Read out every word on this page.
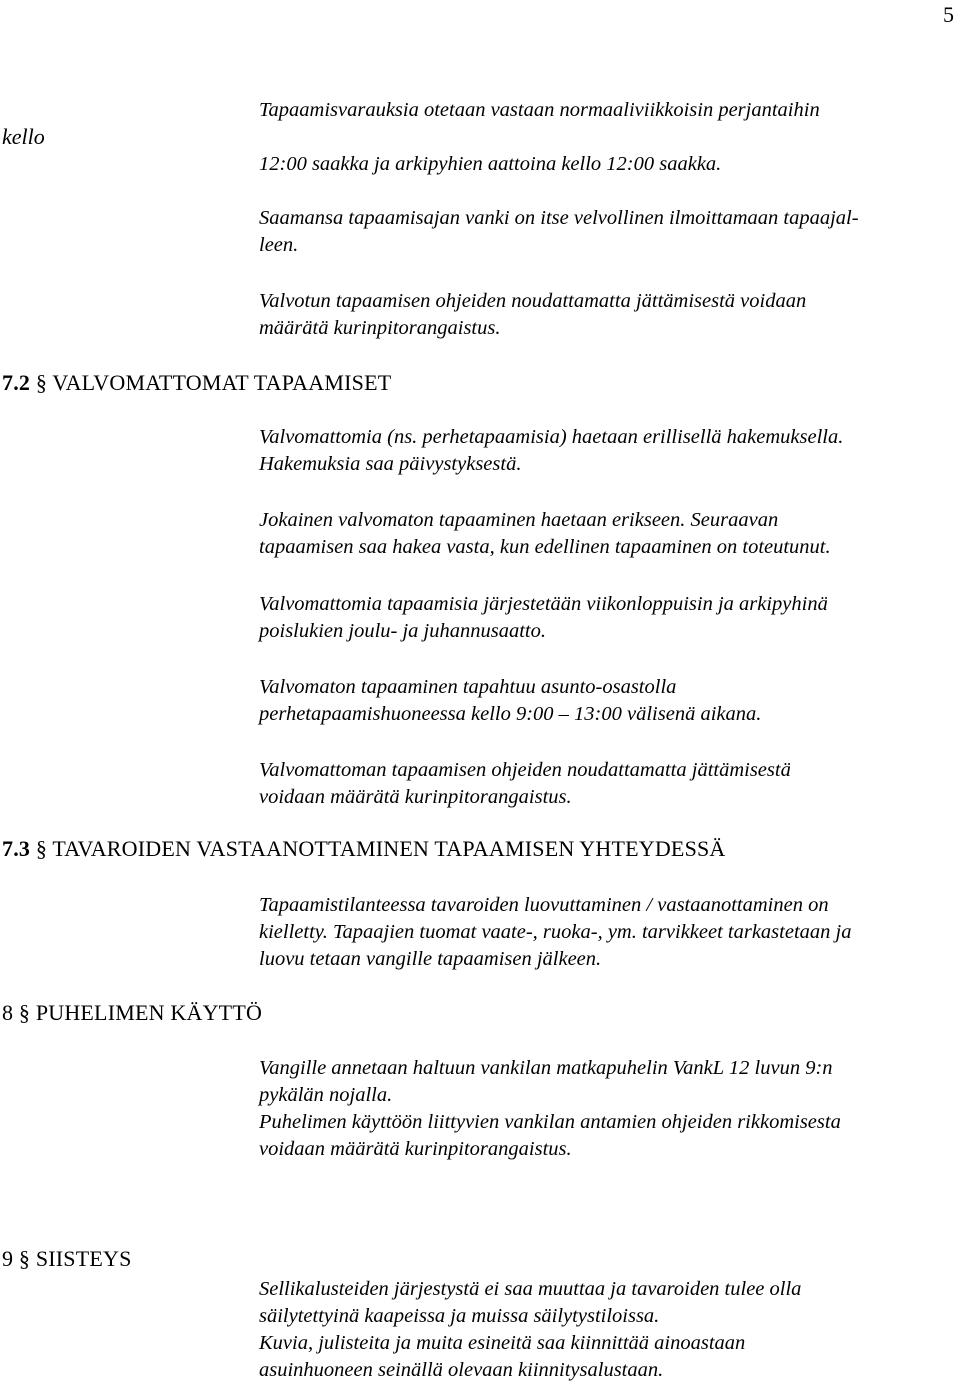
5
kello
7.2 § VALVOMATTOMAT TAPAAMISET
7.3 § TAVAROIDEN VASTAANOTTAMINEN TAPAAMISEN YHTEYDESSÄ
8 § PUHELIMEN KÄYTTÖ
9 § SIISTEYS
Tapaamisvarauksia otetaan vastaan normaaliviikkoisin perjantaihin
12:00 saakka ja arkipyhien aattoina kello 12:00 saakka.
Saamansa tapaamisajan vanki on itse velvollinen ilmoittamaan tapaajal-
leen.
Valvotun tapaamisen ohjeiden noudattamatta jättämisestä voidaan
määrätä kurinpitorangaistus.
Valvomattomia (ns. perhetapaamisia) haetaan erillisellä hakemuksella.
Hakemuksia saa päivystyksestä.
Jokainen valvomaton tapaaminen haetaan erikseen. Seuraavan
tapaamisen saa hakea vasta, kun edellinen tapaaminen on toteutunut.
Valvomattomia tapaamisia järjestetään viikonloppuisin ja arkipyhinä
poislukien joulu- ja juhannusaatto.
Valvomaton tapaaminen tapahtuu asunto-osastolla
perhetapaamishuoneessa kello 9:00 – 13:00 välisenä aikana.
Valvomattoman tapaamisen ohjeiden noudattamatta jättämisestä
voidaan määrätä kurinpitorangaistus.
Tapaamistilanteessa tavaroiden luovuttaminen / vastaanottaminen on
kielletty. Tapaajien tuomat vaate-, ruoka-, ym. tarvikkeet tarkastetaan ja
luovu tetaan vangille tapaamisen jälkeen.
Vangille annetaan haltuun vankilan matkapuhelin VankL 12 luvun 9:n
pykälän nojalla.
Puhelimen käyttöön liittyvien vankilan antamien ohjeiden rikkomisesta
voidaan määrätä kurinpitorangaistus.
Sellikalusteiden järjestystä ei saa muuttaa ja tavaroiden tulee olla
säilytettyinä kaapeissa ja muissa säilytystiloissa.
Kuvia, julisteita ja muita esineitä saa kiinnittää ainoastaan
asuinhuoneen seinällä olevaan kiinnitysalustaan.
